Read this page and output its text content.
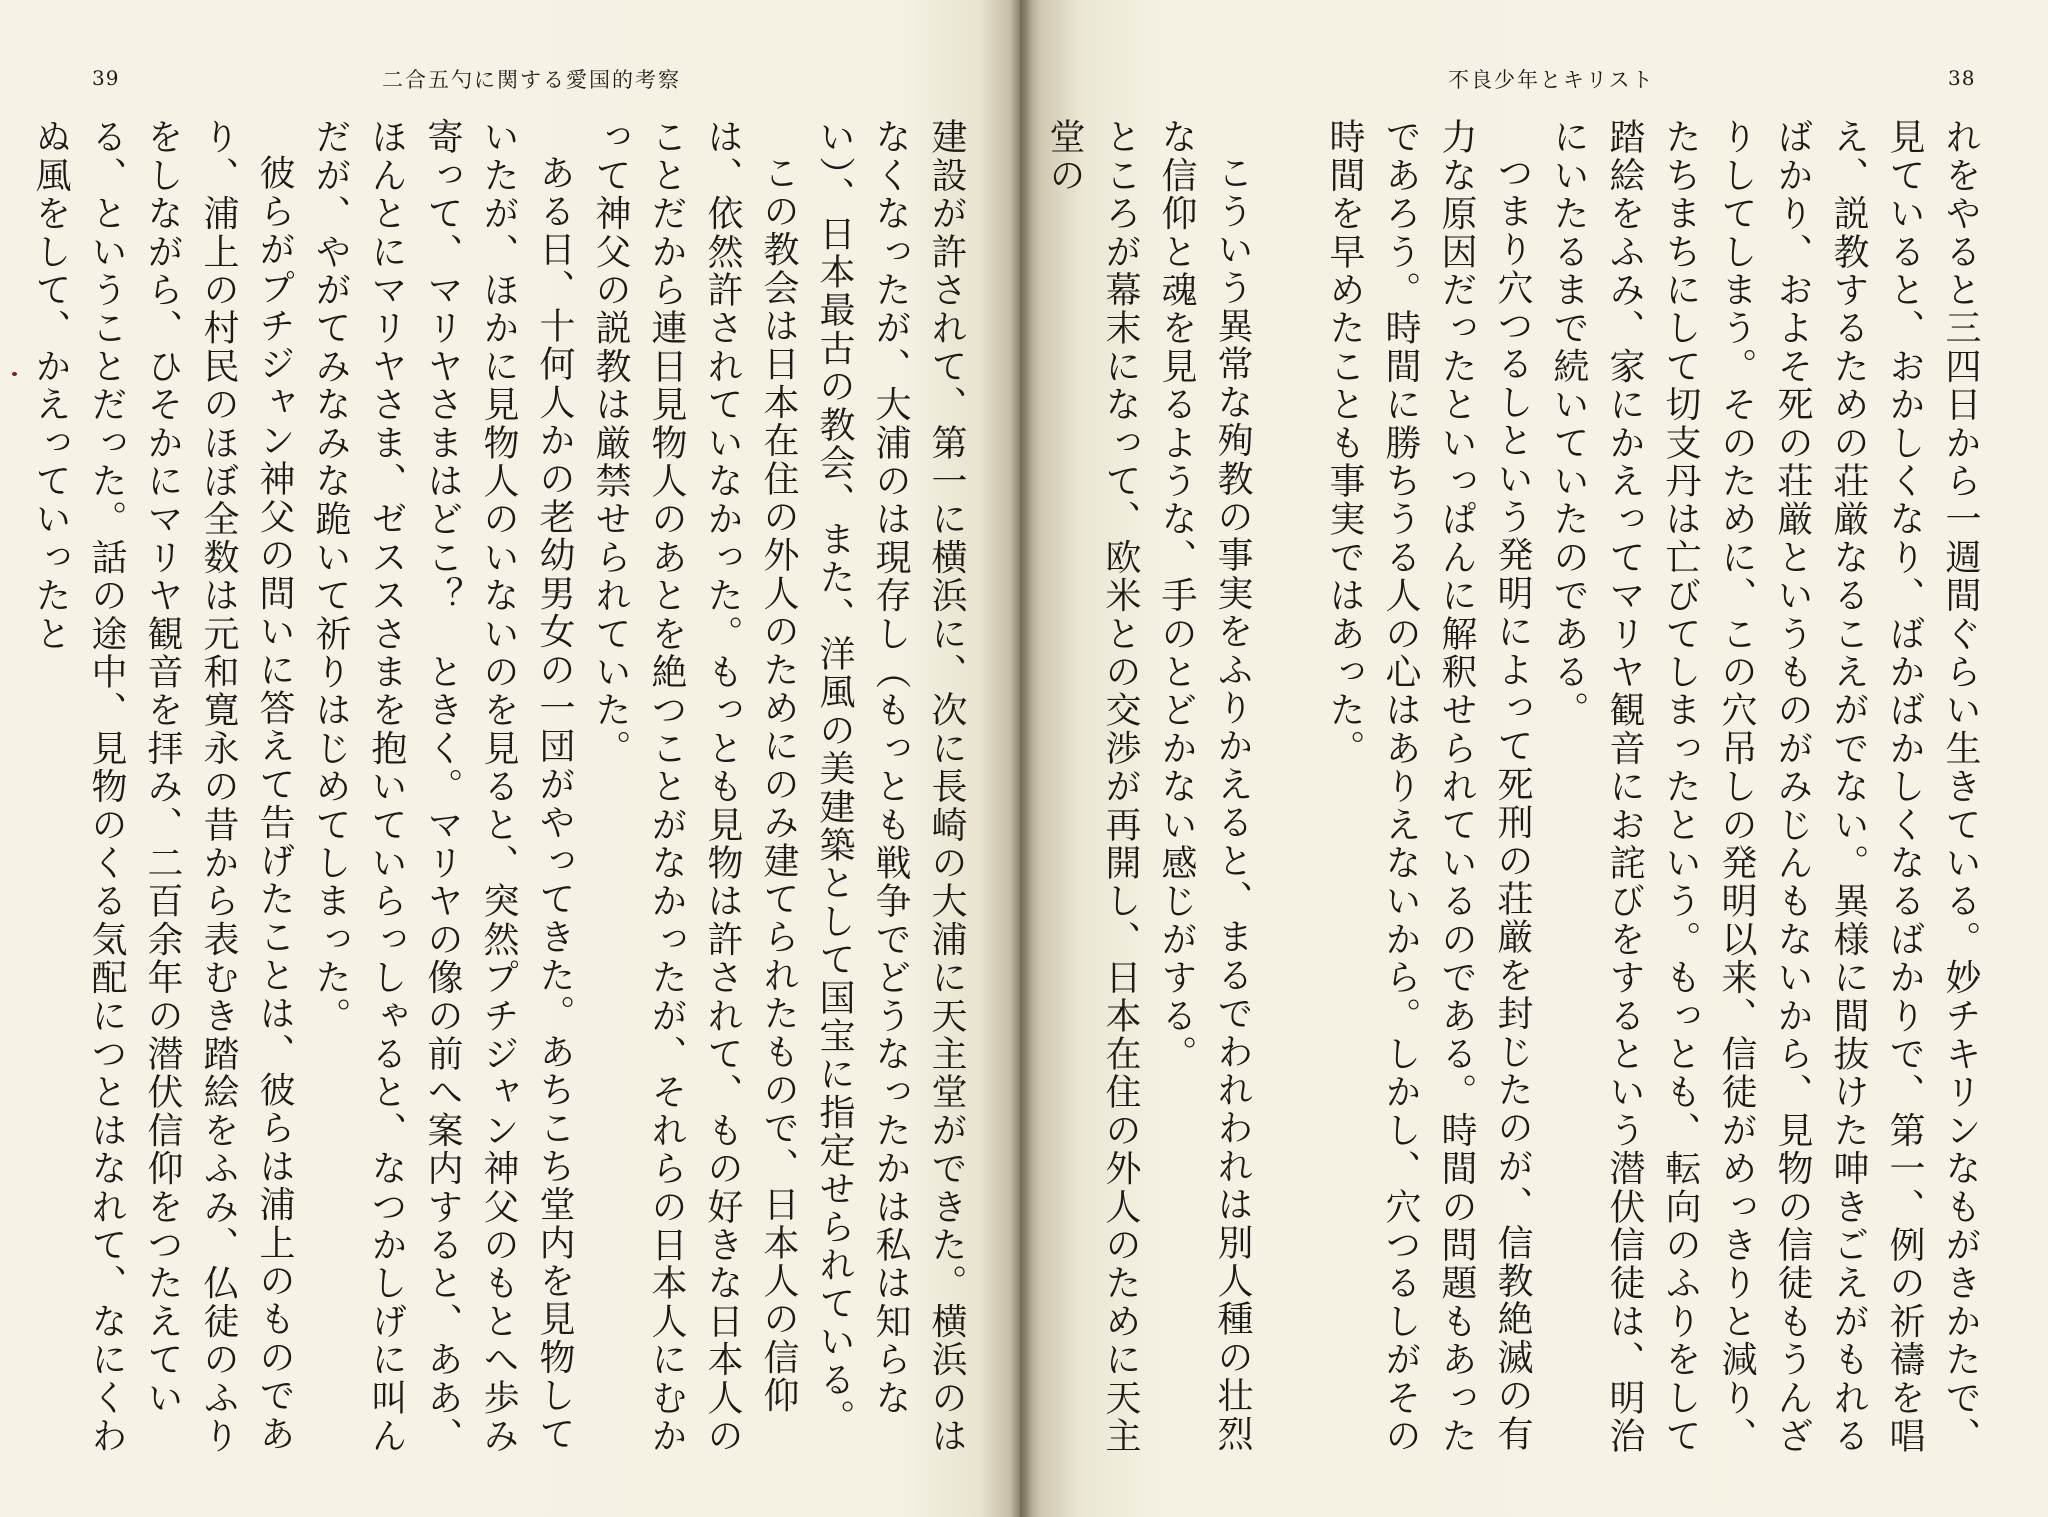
39	二合五勺に関する愛国的考察

建設が許されて、第一に横浜に、次に長崎の大浦に天主堂ができた。横浜のはなくなったが、大浦のは現存し（もっとも戦争でどうなったかは私は知らない）、日本最古の教会、また、洋風の美建築として国宝に指定せられている。

この教会は日本在住の外人のためにのみ建てられたもので、日本人の信仰は、依然許されていなかった。もっとも見物は許されて、もの好きな日本人のことだから連日見物人のあとを絶つことがなかったが、それらの日本人にむかって神父の説教は厳禁せられていた。

ある日、十何人かの老幼男女の一団がやってきた。あちこち堂内を見物していたが、ほかに見物人のいないのを見ると、突然プチジャン神父のもとへ歩み寄って、マリヤさまはどこ？　ときく。マリヤの像の前へ案内すると、ああ、ほんとにマリヤさま、ゼススさまを抱いていらっしゃると、なつかしげに叫んだが、やがてみなみな跪いて祈りはじめてしまった。

彼らがプチジャン神父の問いに答えて告げたことは、彼らは浦上のものであり、浦上の村民のほぼ全数は元和寛永の昔から表むき踏絵をふみ、仏徒のふりをしながら、ひそかにマリヤ観音を拝み、二百余年の潜伏信仰をつたえている、ということだった。話の途中、見物のくる気配につとはなれて、なにくわぬ風をして、かえっていったと

不良少年とキリスト	38

れをやると三四日から一週間ぐらい生きている。妙チキリンなもがきかたで、見ていると、おかしくなり、ばかばかしくなるばかりで、第一、例の祈禱を唱え、説教するための荘厳なるこえがでない。異様に間抜けた呻きごえがもれるばかり、およそ死の荘厳というものがみじんもないから、見物の信徒もうんざりしてしまう。そのために、この穴吊しの発明以来、信徒がめっきりと減り、たちまちにして切支丹は亡びてしまったという。もっとも、転向のふりをして踏絵をふみ、家にかえってマリヤ観音にお詫びをするという潜伏信徒は、明治にいたるまで続いていたのである。

つまり穴つるしという発明によって死刑の荘厳を封じたのが、信教絶滅の有力な原因だったといっぱんに解釈せられているのである。時間の問題もあったであろう。時間に勝ちうる人の心はありえないから。しかし、穴つるしがその時間を早めたことも事実ではあった。

こういう異常な殉教の事実をふりかえると、まるでわれわれは別人種の壮烈な信仰と魂を見るような、手のとどかない感じがする。

ところが幕末になって、欧米との交渉が再開し、日本在住の外人のために天主堂の
